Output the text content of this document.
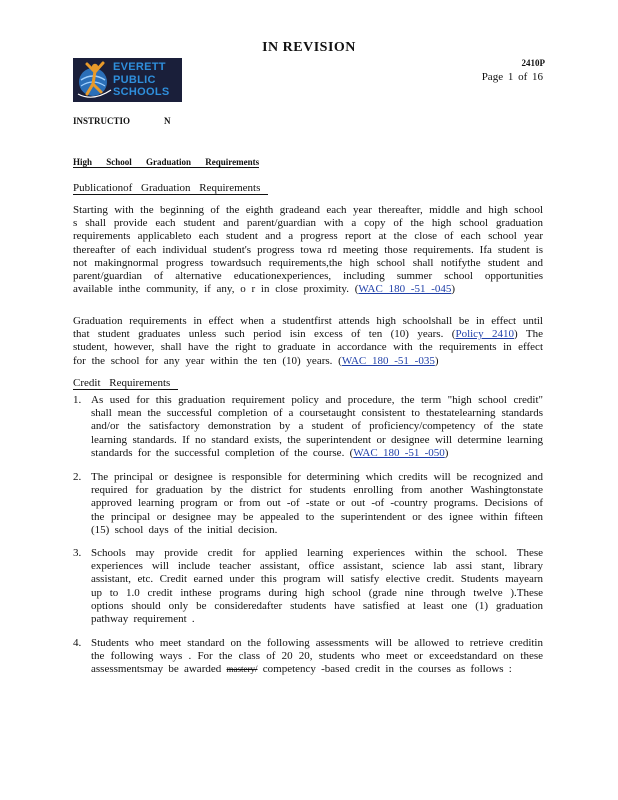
IN REVISION
EVERETT
PUBLIC
SCHOOLS
2410P
Page 1 of 16
INSTRUCTIO	N
High School Graduation Requirements
Publicationof Graduation Requirements
Starting with the beginning of the eighth gradeand each year thereafter, middle and high school s shall provide each student and parent/guardian with a copy of the high school graduation requirements applicableto each student and a progress report at the close of each school year thereafter of each individual student's progress towa rd meeting those requirements. Ifa student is not makingnormal progress towardsuch requirements,the high school shall notifythe student and parent/guardian of alternative educationexperiences, including summer school opportunities available inthe community, if any, o r in close proximity. (WAC 180 -51 -045)
Graduation requirements in effect when a studentfirst attends high schoolshall be in effect until that student graduates unless such period isin excess of ten (10) years. (Policy 2410) The student, however, shall have the right to graduate in accordance with the requirements in effect for the school for any year within the ten (10) years. (WAC 180 -51 -035)
Credit Requirements
1. As used for this graduation requirement policy and procedure, the term "high school credit" shall mean the successful completion of a coursetaught consistent to thestatelearning standards and/or the satisfactory demonstration by a student of proficiency/competency of the state learning standards. If no standard exists, the superintendent or designee will determine learning standards for the successful completion of the course. (WAC 180 -51 -050)
2. The principal or designee is responsible for determining which credits will be recognized and required for graduation by the district for students enrolling from another Washingtonstate approved learning program or from out -of -state or out -of -country programs. Decisions of the principal or designee may be appealed to the superintendent or des ignee within fifteen (15) school days of the initial decision.
3. Schools may provide credit for applied learning experiences within the school. These experiences will include teacher assistant, office assistant, science lab assi stant, library assistant, etc. Credit earned under this program will satisfy elective credit. Students mayearn up to 1.0 credit inthese programs during high school (grade nine through twelve ).These options should only be consideredafter students have satisfied at least one (1) graduation pathway requirement .
4. Students who meet standard on the following assessments will be allowed to retrieve creditin the following ways . For the class of 20 20, students who meet or exceedstandard on these assessmentsmay be awarded mastery/ competency -based credit in the courses as follows :
